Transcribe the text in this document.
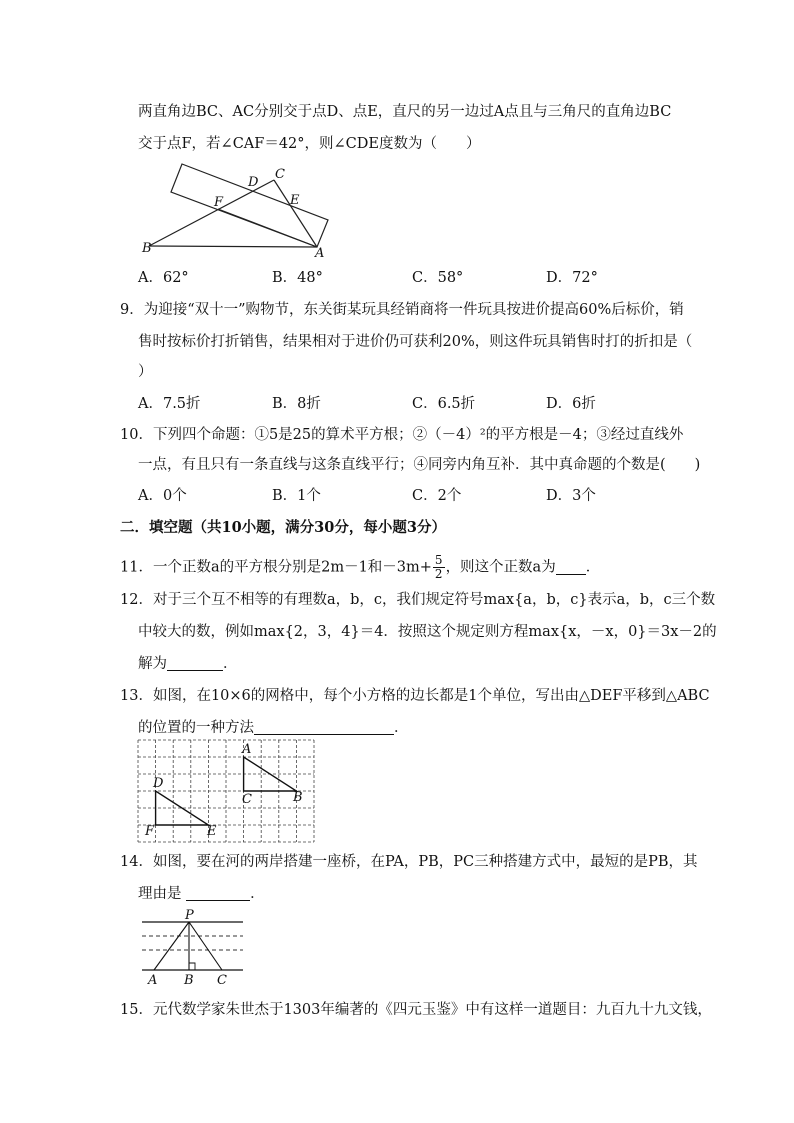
两直角边BC、AC分别交于点D、点E，直尺的另一边过A点且与三角尺的直角边BC
交于点F，若∠CAF＝42°，则∠CDE度数为（　　）
D
C
F	E
B	A
A．62°	B．48°	C．58°	D．72°
9．为迎接“双十一”购物节，东关街某玩具经销商将一件玩具按进价提高60%后标价，销
售时按标价打折销售，结果相对于进价仍可获利20%，则这件玩具销售时打的折扣是（
）
A．7.5折	B．8折	C．6.5折	D．6折
10．下列四个命题：①5是25的算术平方根；②（－4）²的平方根是－4；③经过直线外
一点，有且只有一条直线与这条直线平行；④同旁内角互补．其中真命题的个数是(　　)
A．0个	B．1个	C．2个	D．3个
二．填空题（共10小题，满分30分，每小题3分）
11．一个正数a的平方根分别是2m－1和$-3m+ \frac{5}{2}$ ，则这个正数a为 ．
12．对于三个互不相等的有理数a，b，c，我们规定符号max{a，b，c}表示a，b，c三个数
中较大的数，例如max{2，3，4}＝4．按照这个规定则方程max{x，－x，0}＝3x－2的
解为	．
13．如图，在10×6的网格中，每个小方格的边长都是1个单位，写出由△DEF平移到△ABC
的位置的一种方法	．
A
D
C	B
F	E
14．如图，要在河的两岸搭建一座桥，在PA，PB，PC三种搭建方式中，最短的是PB，其
理由是	．
P
A B C
15．元代数学家朱世杰于1303年编著的《四元玉鉴》中有这样一道题目：九百九十九文钱，
